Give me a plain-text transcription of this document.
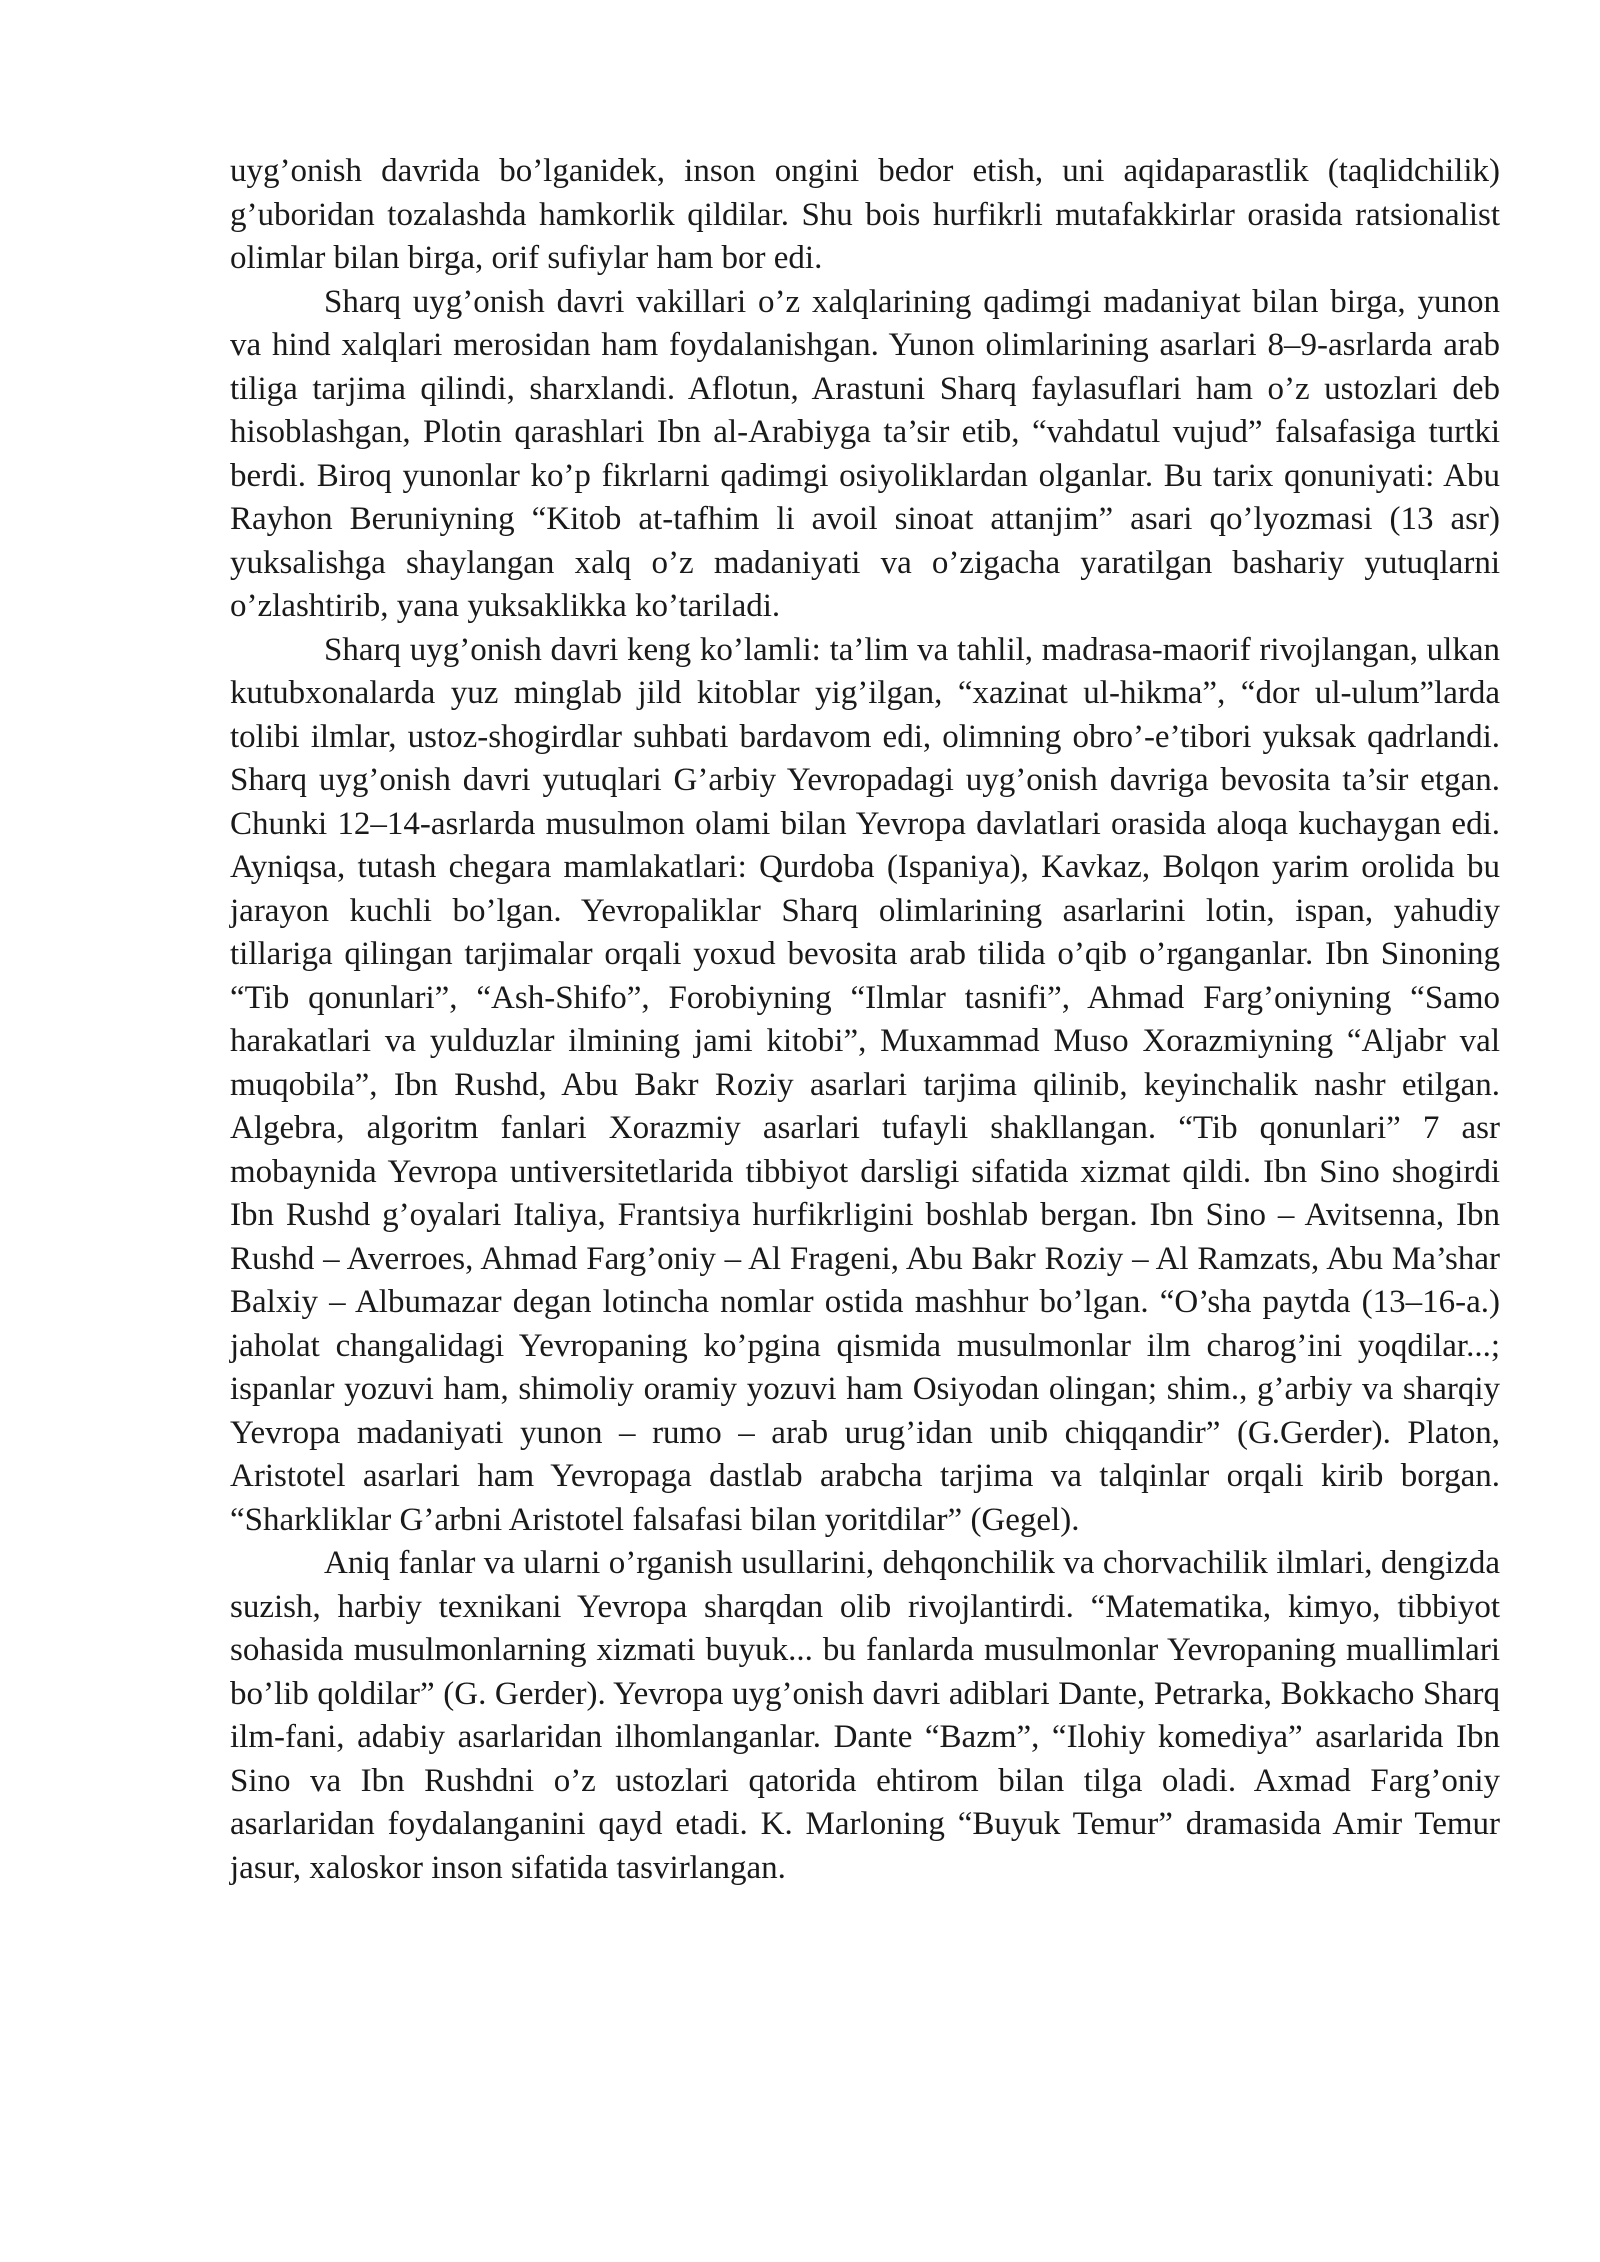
uyg’onish davrida bo’lganidek, inson ongini bedor etish, uni aqidaparastlik (taqlidchilik) g’uboridan tozalashda hamkorlik qildilar. Shu bois hurfikrli mutafakkirlar orasida ratsionalist olimlar bilan birga, orif sufiylar ham bor edi.

Sharq uyg’onish davri vakillari o’z xalqlarining qadimgi madaniyat bilan birga, yunon va hind xalqlari merosidan ham foydalanishgan. Yunon olimlarining asarlari 8–9-asrlarda arab tiliga tarjima qilindi, sharxlandi. Aflotun, Arastuni Sharq faylasuflari ham o’z ustozlari deb hisoblashgan, Plotin qarashlari Ibn al-Arabiyga ta’sir etib, “vahdatul vujud” falsafasiga turtki berdi. Biroq yunonlar ko’p fikrlarni qadimgi osiyoliklardan olganlar. Bu tarix qonuniyati: Abu Rayhon Beruniyning “Kitob at-tafhim li avoil sinoat attanjim” asari qo’lyozmasi (13 asr) yuksalishga shaylangan xalq o’z madaniyati va o’zigacha yaratilgan bashariy yutuqlarni o’zlashtirib, yana yuksaklikka ko’tariladi.

Sharq uyg’onish davri keng ko’lamli: ta’lim va tahlil, madrasa-maorif rivojlangan, ulkan kutubxonalarda yuz minglab jild kitoblar yig’ilgan, “xazinat ul-hikma”, “dor ul-ulum”larda tolibi ilmlar, ustoz-shogirdlar suhbati bardavom edi, olimning obro’-e’tibori yuksak qadrlandi. Sharq uyg’onish davri yutuqlari G’arbiy Yevropadagi uyg’onish davriga bevosita ta’sir etgan. Chunki 12–14-asrlarda musulmon olami bilan Yevropa davlatlari orasida aloqa kuchaygan edi. Ayniqsa, tutash chegara mamlakatlari: Qurdoba (Ispaniya), Kavkaz, Bolqon yarim orolida bu jarayon kuchli bo’lgan. Yevropaliklar Sharq olimlarining asarlarini lotin, ispan, yahudiy tillariga qilingan tarjimalar orqali yoxud bevosita arab tilida o’qib o’rganganlar. Ibn Sinoning “Tib qonunlari”, “Ash-Shifo”, Forobiyning “Ilmlar tasnifi”, Ahmad Farg’oniyning “Samo harakatlari va yulduzlar ilmining jami kitobi”, Muxammad Muso Xorazmiyning “Aljabr val muqobila”, Ibn Rushd, Abu Bakr Roziy asarlari tarjima qilinib, keyinchalik nashr etilgan. Algebra, algoritm fanlari Xorazmiy asarlari tufayli shakllangan. “Tib qonunlari” 7 asr mobaynida Yevropa untiversitetlarida tibbiyot darsligi sifatida xizmat qildi. Ibn Sino shogirdi Ibn Rushd g’oyalari Italiya, Frantsiya hurfikrligini boshlab bergan. Ibn Sino – Avitsenna, Ibn Rushd – Averroes, Ahmad Farg’oniy – Al Frageni, Abu Bakr Roziy – Al Ramzats, Abu Ma’shar Balxiy – Albumazar degan lotincha nomlar ostida mashhur bo’lgan. “O’sha paytda (13–16-a.) jaholat changalidagi Yevropaning ko’pgina qismida musulmonlar ilm charog’ini yoqdilar...; ispanlar yozuvi ham, shimoliy oramiy yozuvi ham Osiyodan olingan; shim., g’arbiy va sharqiy Yevropa madaniyati yunon – rumo – arab urug’idan unib chiqqandir” (G.Gerder). Platon, Aristotel asarlari ham Yevropaga dastlab arabcha tarjima va talqinlar orqali kirib borgan. “Sharkliklar G’arbni Aristotel falsafasi bilan yoritdilar” (Gegel).

Aniq fanlar va ularni o’rganish usullarini, dehqonchilik va chorvachilik ilmlari, dengizda suzish, harbiy texnikani Yevropa sharqdan olib rivojlantirdi. “Matematika, kimyo, tibbiyot sohasida musulmonlarning xizmati buyuk... bu fanlarda musulmonlar Yevropaning muallimlari bo’lib qoldilar” (G. Gerder). Yevropa uyg’onish davri adiblari Dante, Petrarka, Bokkacho Sharq ilm-fani, adabiy asarlaridan ilhomlanganlar. Dante “Bazm”, “Ilohiy komediya” asarlarida Ibn Sino va Ibn Rushdni o’z ustozlari qatorida ehtirom bilan tilga oladi. Axmad Farg’oniy asarlaridan foydalanganini qayd etadi. K. Marloning “Buyuk Temur” dramasida Amir Temur jasur, xaloskor inson sifatida tasvirlangan.
